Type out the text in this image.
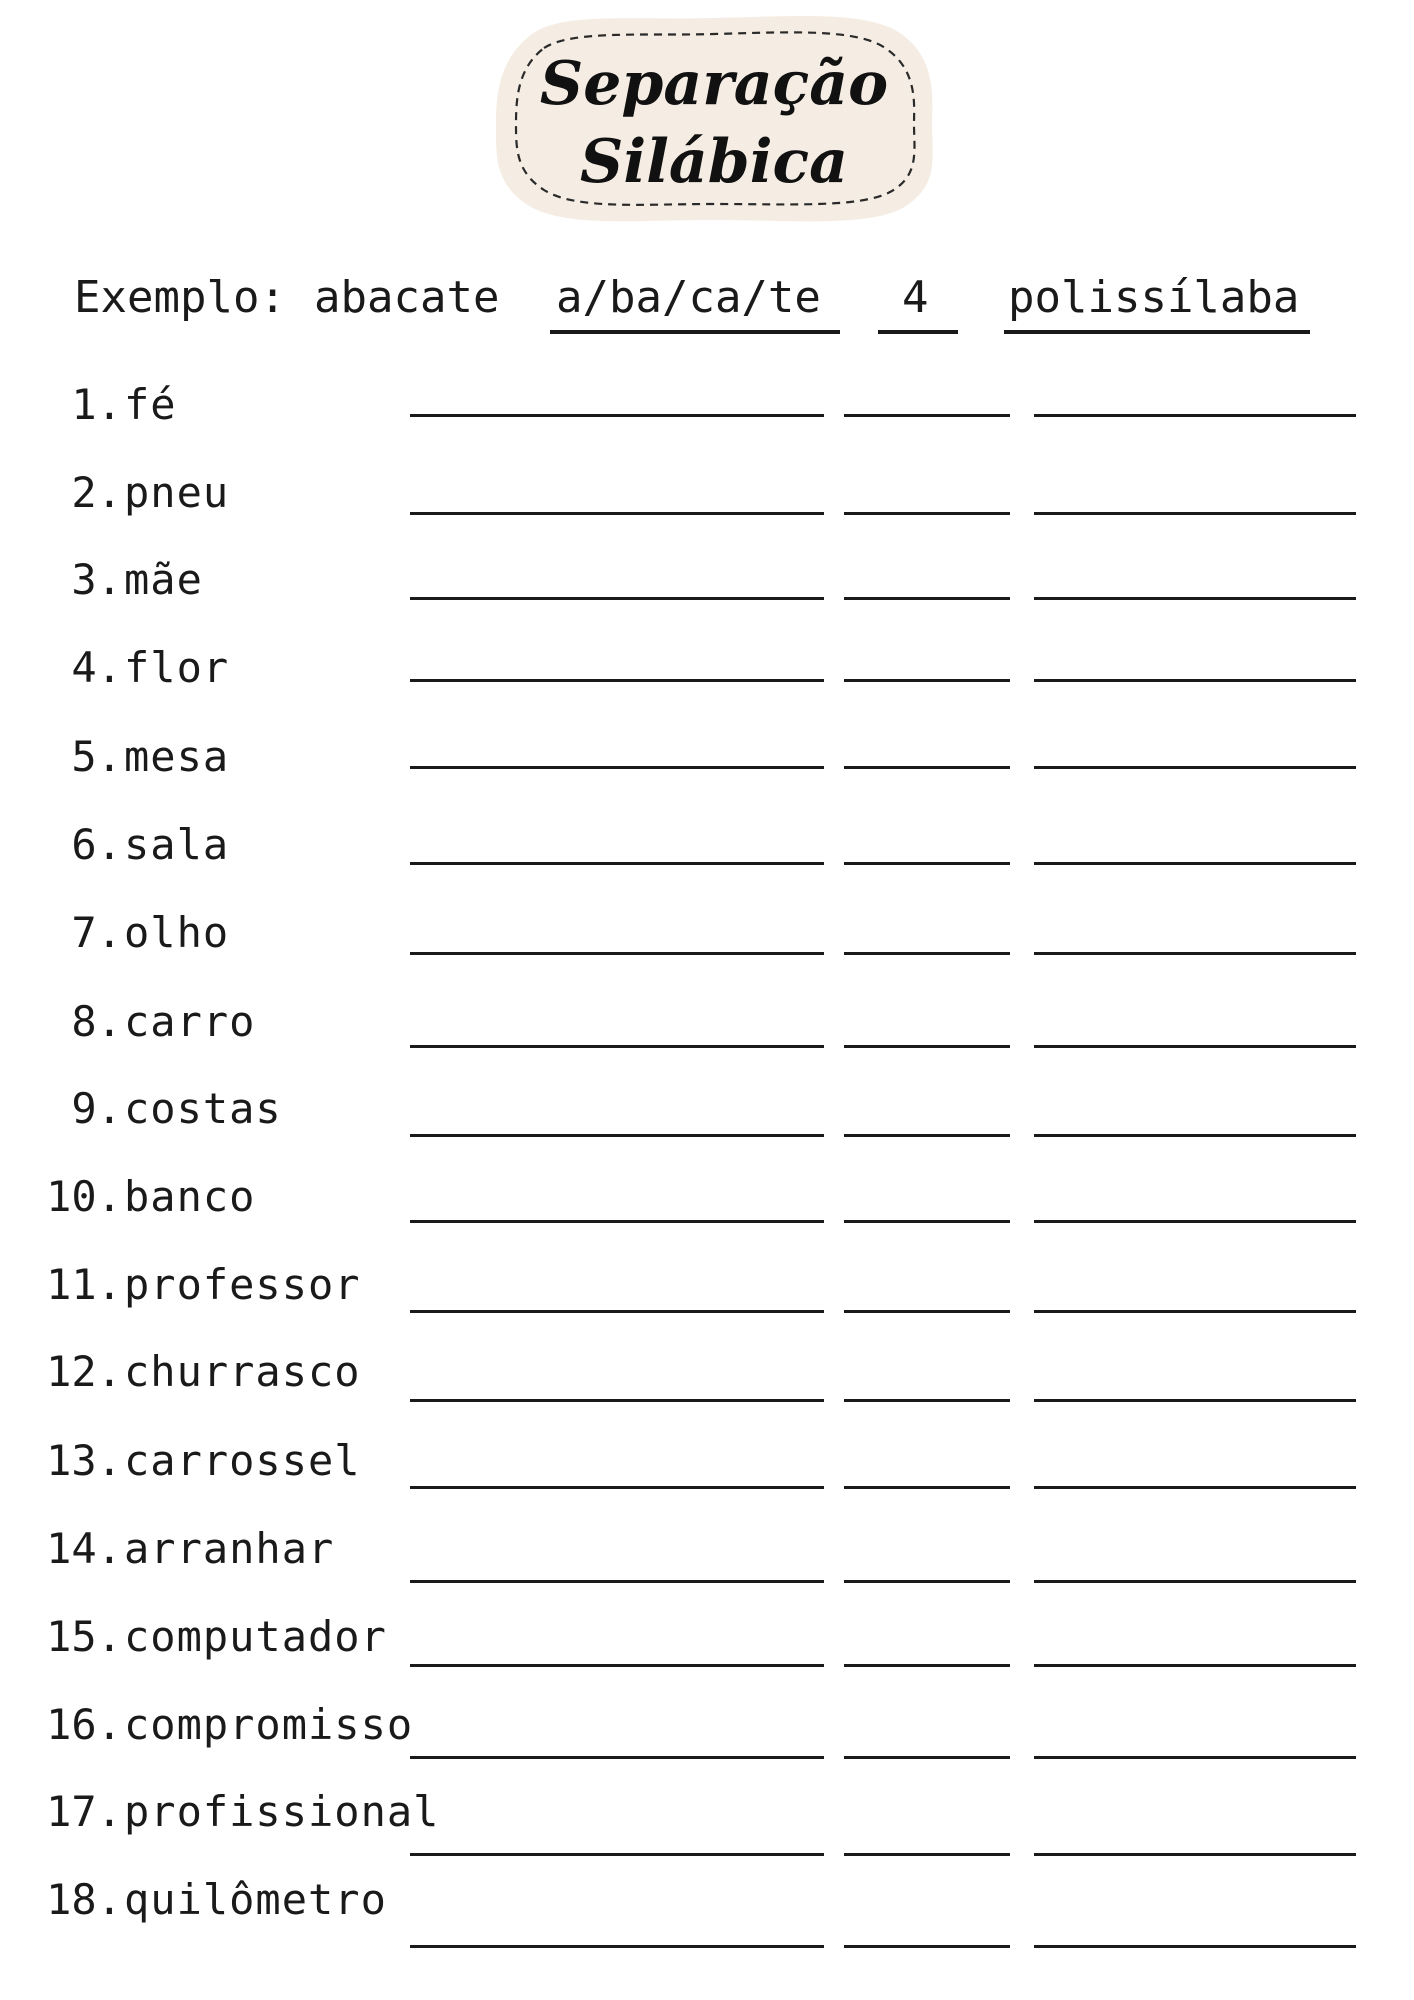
Separação
Silábica
Exemplo: abacate a/ba/ca/te 4 polissílaba
1. fé
2. pneu
3. mãe
4. flor
5. mesa
6. sala
7. olho
8. carro
9. costas
10. banco
11. professor
12. churrasco
13. carrossel
14. arranhar
15. computador
16. compromisso
17. profissional
18. quilômetro
